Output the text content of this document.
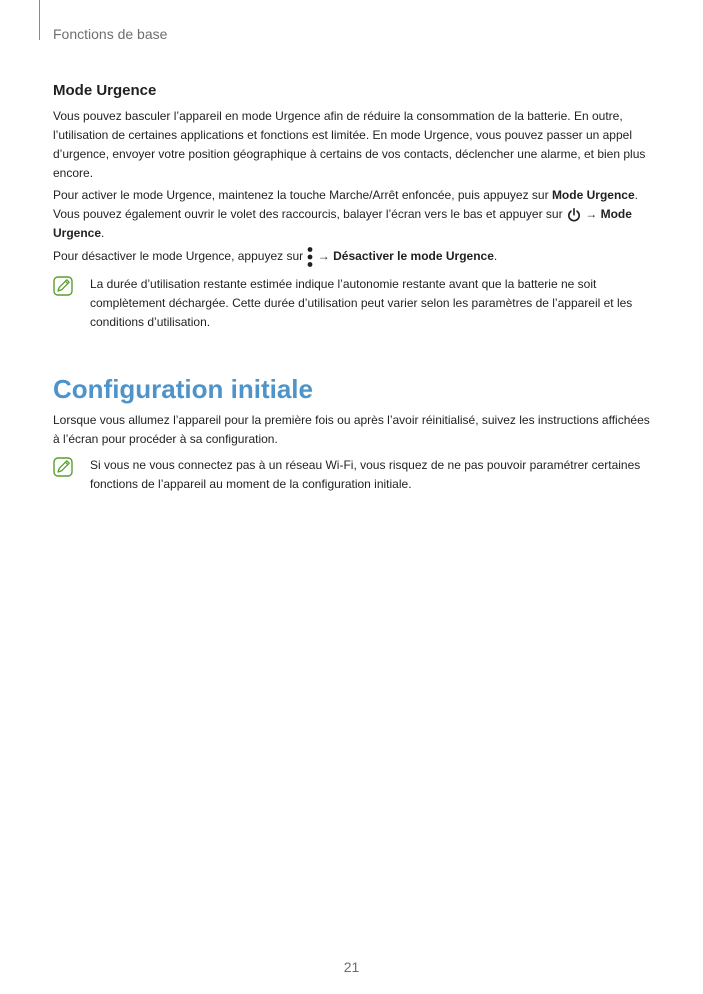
Fonctions de base
Mode Urgence

Vous pouvez basculer l’appareil en mode Urgence afin de réduire la consommation de la batterie. En outre, l’utilisation de certaines applications et fonctions est limitée. En mode Urgence, vous pouvez passer un appel d’urgence, envoyer votre position géographique à certains de vos contacts, déclencher une alarme, et bien plus encore.

Pour activer le mode Urgence, maintenez la touche Marche/Arrêt enfoncée, puis appuyez sur Mode Urgence. Vous pouvez également ouvrir le volet des raccourcis, balayer l’écran vers le bas et appuyer sur  → Mode Urgence.

Pour désactiver le mode Urgence, appuyez sur  → Désactiver le mode Urgence.

La durée d’utilisation restante estimée indique l’autonomie restante avant que la batterie ne soit complètement déchargée. Cette durée d’utilisation peut varier selon les paramètres de l’appareil et les conditions d’utilisation.

Configuration initiale

Lorsque vous allumez l’appareil pour la première fois ou après l’avoir réinitialisé, suivez les instructions affichées à l’écran pour procéder à sa configuration.

Si vous ne vous connectez pas à un réseau Wi-Fi, vous risquez de ne pas pouvoir paramétrer certaines fonctions de l’appareil au moment de la configuration initiale.

21
